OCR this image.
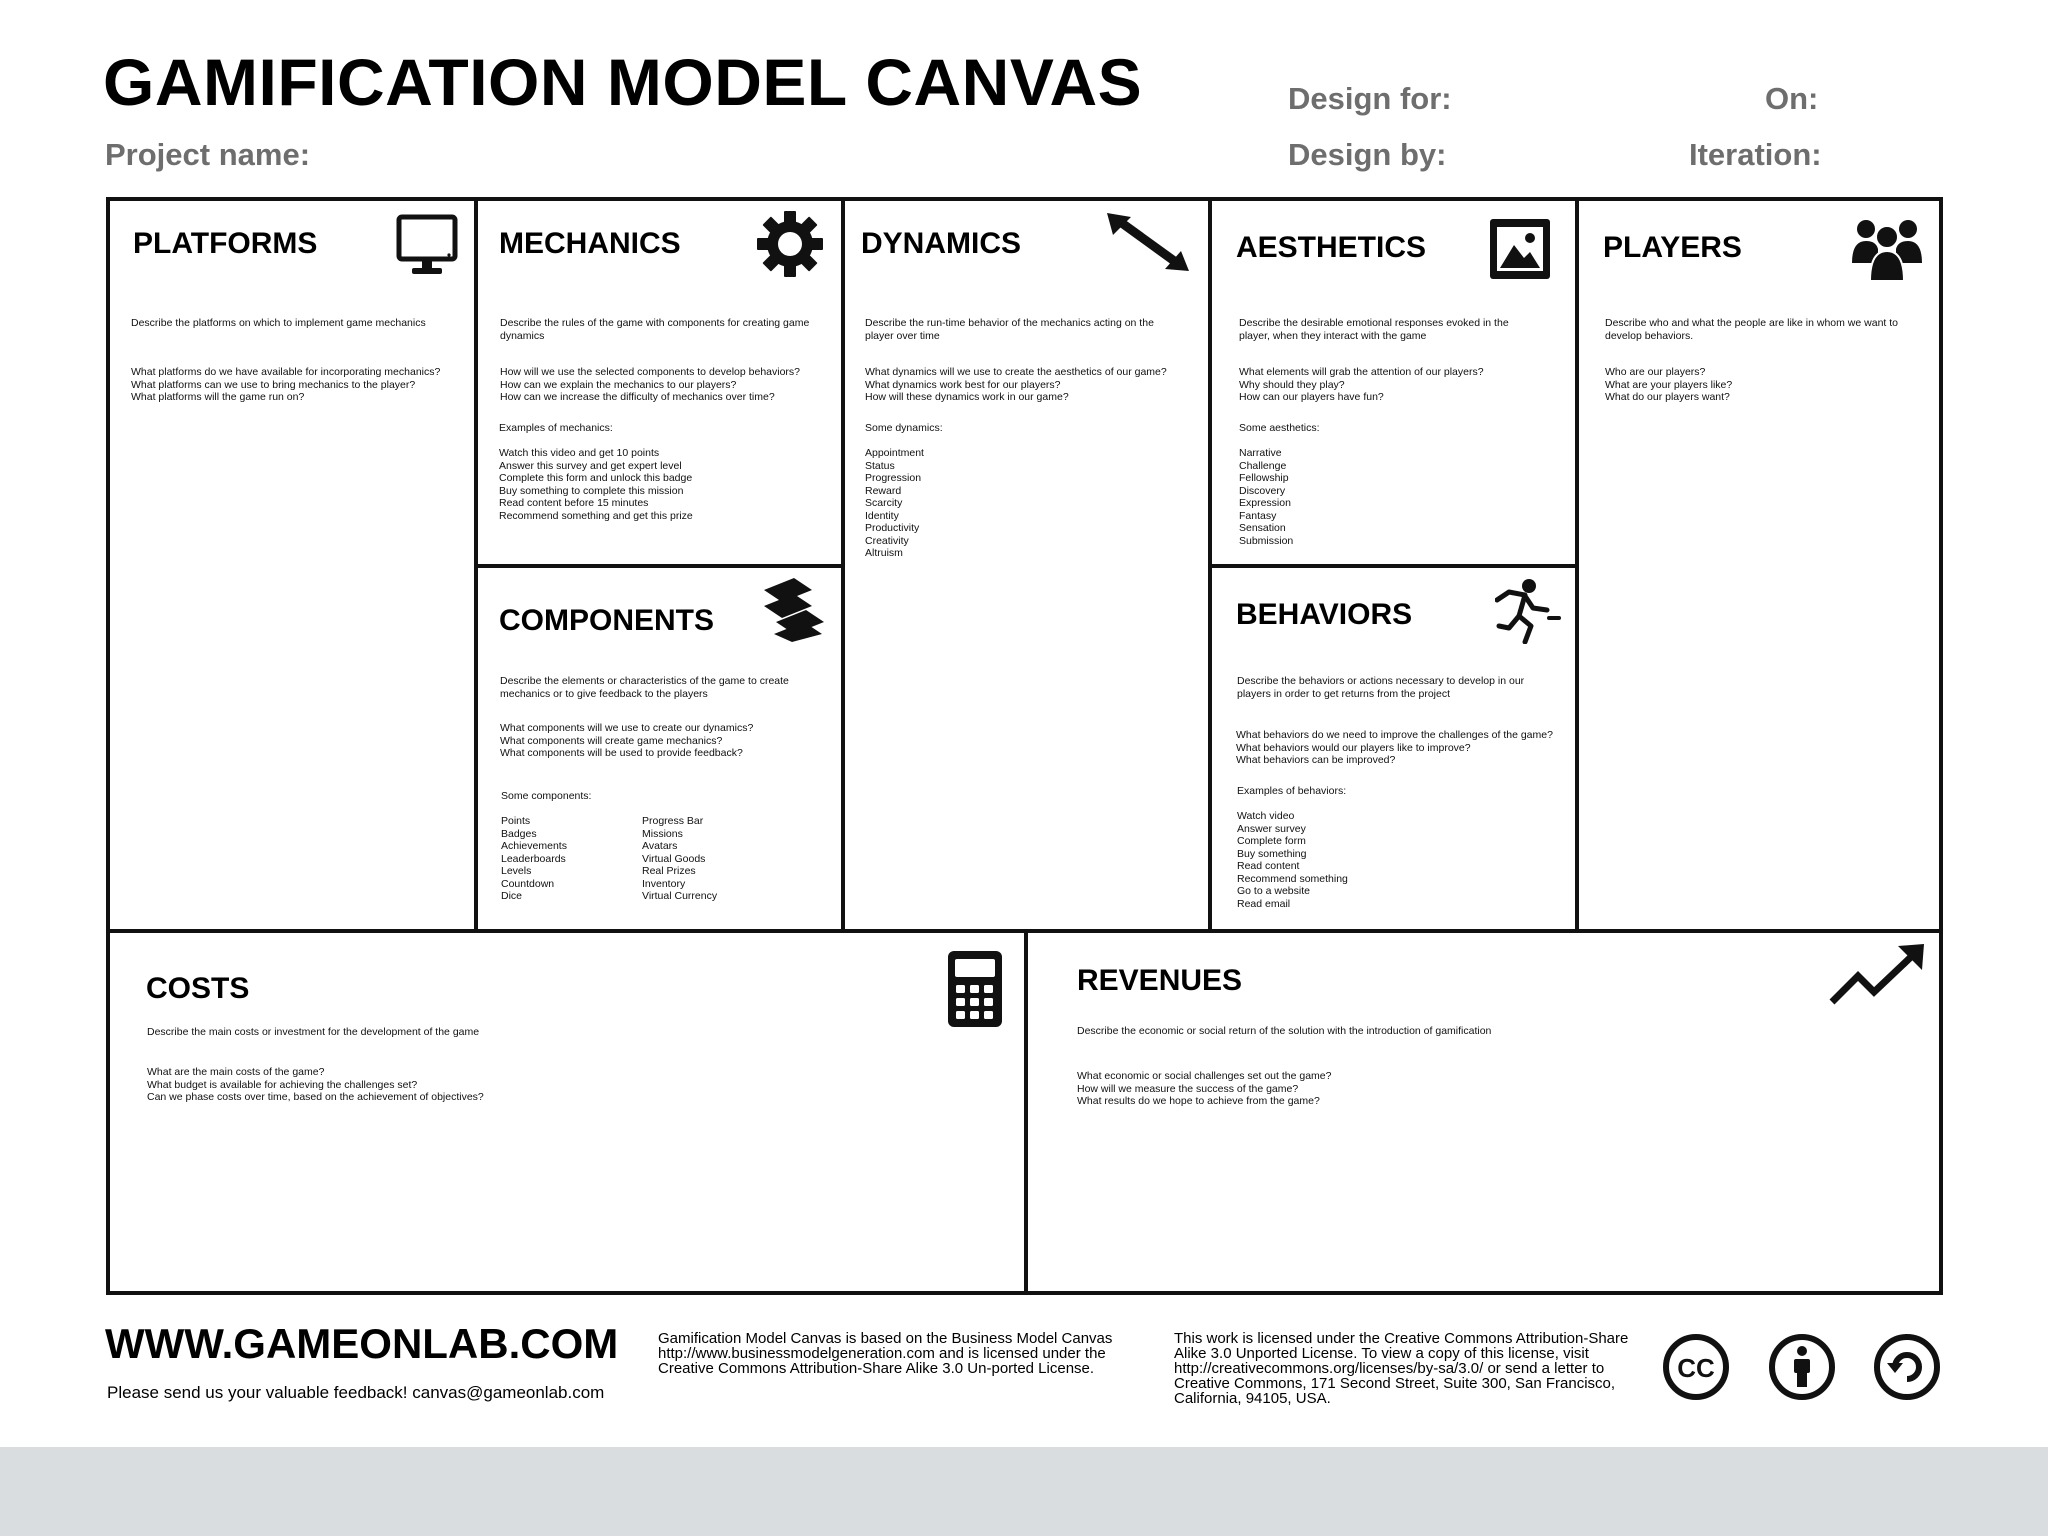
GAMIFICATION MODEL CANVAS
Project name:
Design for:	On:
Design by:	Iteration:
PLATFORMS
Describe the platforms on which to implement game mechanics
What platforms do we have available for incorporating mechanics?
What platforms can we use to bring mechanics to the player?
What platforms will the game run on?
MECHANICS
Describe the rules of the game with components for creating game
dynamics
How will we use the selected components to develop behaviors?
How can we explain the mechanics to our players?
How can we increase the difficulty of mechanics over time?
Examples of mechanics:
Watch this video and get 10 points
Answer this survey and get expert level
Complete this form and unlock this badge
Buy something to complete this mission
Read content before 15 minutes
Recommend something and get this prize
DYNAMICS
Describe the run-time behavior of the mechanics acting on the
player over time
What dynamics will we use to create the aesthetics of our game?
What dynamics work best for our players?
How will these dynamics work in our game?
Some dynamics:
Appointment
Status
Progression
Reward
Scarcity
Identity
Productivity
Creativity
Altruism
AESTHETICS
Describe the desirable emotional responses evoked in the
player, when they interact with the game
What elements will grab the attention of our players?
Why should they play?
How can our players have fun?
Some aesthetics:
Narrative
Challenge
Fellowship
Discovery
Expression
Fantasy
Sensation
Submission
PLAYERS
Describe who and what the people are like in whom we want to
develop behaviors.
Who are our players?
What are your players like?
What do our players want?
COMPONENTS
Describe the elements or characteristics of the game to create
mechanics or to give feedback to the players
What components will we use to create our dynamics?
What components will create game mechanics?
What components will be used to provide feedback?
Some components:
Points
Badges
Achievements
Leaderboards
Levels
Countdown
Dice
Progress Bar
Missions
Avatars
Virtual Goods
Real Prizes
Inventory
Virtual Currency
BEHAVIORS
Describe the behaviors or actions necessary to develop in our
players in order to get returns from the project
What behaviors do we need to improve the challenges of the game?
What behaviors would our players like to improve?
What behaviors can be improved?
Examples of behaviors:
Watch video
Answer survey
Complete form
Buy something
Read content
Recommend something
Go to a website
Read email
COSTS
Describe the main costs or investment for the development of the game
What are the main costs of the game?
What budget is available for achieving the challenges set?
Can we phase costs over time, based on the achievement of objectives?
REVENUES
Describe the economic or social return of the solution with the introduction of gamification
What economic or social challenges set out the game?
How will we measure the success of the game?
What results do we hope to achieve from the game?
WWW.GAMEONLAB.COM
Please send us your valuable feedback! canvas@gameonlab.com
Gamification Model Canvas is based on the Business Model Canvas
http://www.businessmodelgeneration.com and is licensed under the
Creative Commons Attribution-Share Alike 3.0 Un-ported License.
This work is licensed under the Creative Commons Attribution-Share
Alike 3.0 Unported License. To view a copy of this license, visit
http://creativecommons.org/licenses/by-sa/3.0/ or send a letter to
Creative Commons, 171 Second Street, Suite 300, San Francisco,
California, 94105, USA.
CC
